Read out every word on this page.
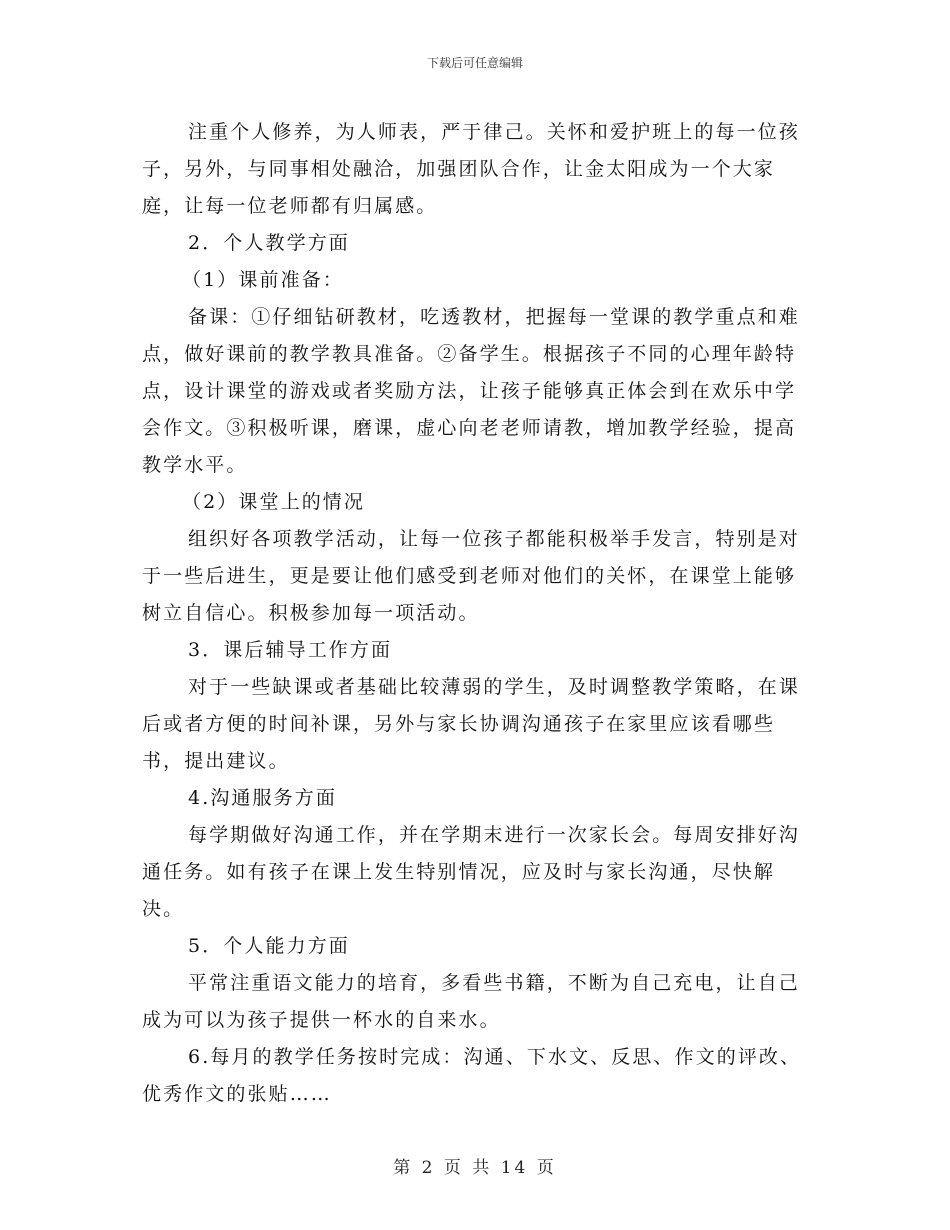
下载后可任意编辑

注重个人修养，为人师表，严于律己。关怀和爱护班上的每一位孩子，另外，与同事相处融洽，加强团队合作，让金太阳成为一个大家庭，让每一位老师都有归属感。

2．个人教学方面

（1）课前准备：

备课：①仔细钻研教材，吃透教材，把握每一堂课的教学重点和难点，做好课前的教学教具准备。②备学生。根据孩子不同的心理年龄特点，设计课堂的游戏或者奖励方法，让孩子能够真正体会到在欢乐中学会作文。③积极听课，磨课，虚心向老老师请教，增加教学经验，提高教学水平。

（2）课堂上的情况

组织好各项教学活动，让每一位孩子都能积极举手发言，特别是对于一些后进生，更是要让他们感受到老师对他们的关怀，在课堂上能够树立自信心。积极参加每一项活动。

3．课后辅导工作方面

对于一些缺课或者基础比较薄弱的学生，及时调整教学策略，在课后或者方便的时间补课，另外与家长协调沟通孩子在家里应该看哪些书，提出建议。

4.沟通服务方面

每学期做好沟通工作，并在学期末进行一次家长会。每周安排好沟通任务。如有孩子在课上发生特别情况，应及时与家长沟通，尽快解决。

5．个人能力方面

平常注重语文能力的培育，多看些书籍，不断为自己充电，让自己成为可以为孩子提供一杯水的自来水。

6.每月的教学任务按时完成：沟通、下水文、反思、作文的评改、优秀作文的张贴……

第 2 页 共 14 页
